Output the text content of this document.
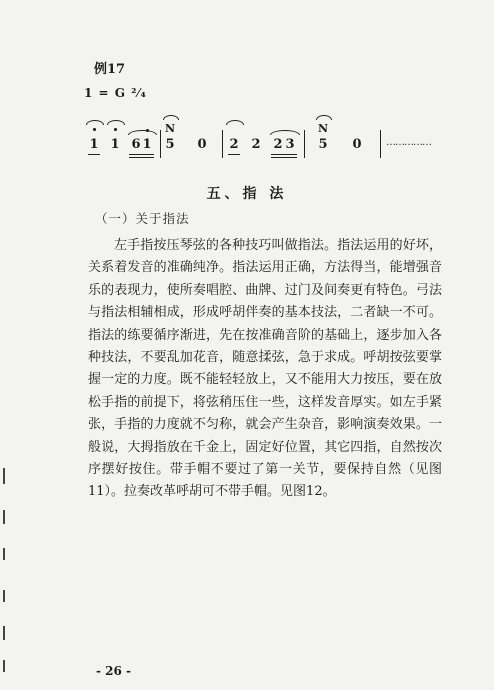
例17
1 = G ²⁄₄
1 1 6 1
N
5 0 2 2 2 3
N
5 0 ……………
五、指 法
（一）关于指法

左手指按压琴弦的各种技巧叫做指法。指法运用的好坏，关系着发音的准确纯净。指法运用正确，方法得当，能增强音乐的表现力，使所奏唱腔、曲牌、过门及间奏更有特色。弓法与指法相辅相成，形成呼胡伴奏的基本技法，二者缺一不可。指法的练要循序渐进，先在按准确音阶的基础上，逐步加入各种技法，不要乱加花音，随意揉弦，急于求成。呼胡按弦要掌握一定的力度。既不能轻轻放上，又不能用大力按压，要在放松手指的前提下，将弦稍压住一些，这样发音厚实。如左手紧张，手指的力度就不匀称，就会产生杂音，影响演奏效果。一般说，大拇指放在千金上，固定好位置，其它四指，自然按次序摆好按住。带手帽不要过了第一关节，要保持自然（见图11）。拉奏改革呼胡可不带手帽。见图12。

- 26 -
